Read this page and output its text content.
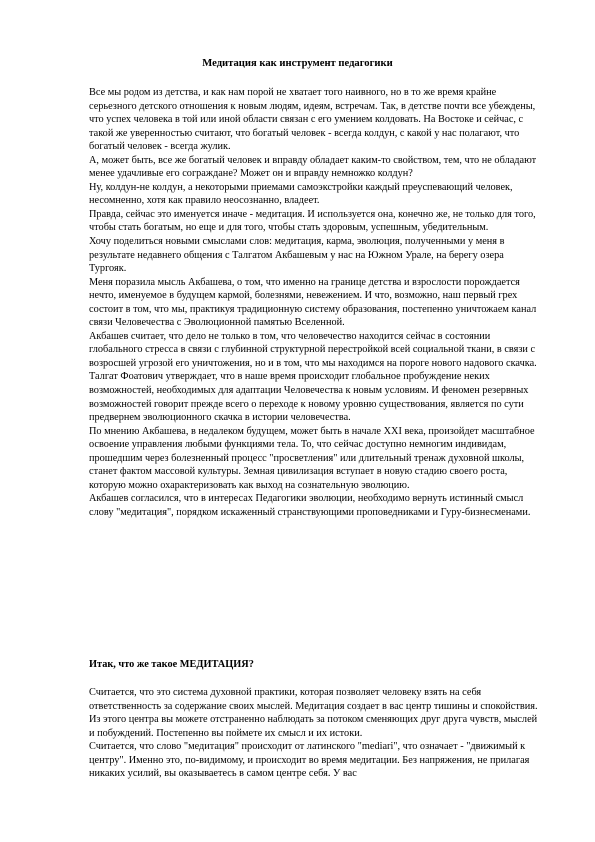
Медитация как инструмент педагогики

Все мы родом из детства, и как нам порой не хватает того наивного, но в то же время крайне серьезного детского отношения к новым людям, идеям, встречам. Так, в детстве почти все убеждены, что успех человека в той или иной области связан с его умением колдовать. На Востоке и сейчас, с такой же уверенностью считают, что богатый человек - всегда колдун, с какой у нас полагают, что богатый человек - всегда жулик.

А, может быть, все же богатый человек и вправду обладает каким-то свойством, тем, что не обладают менее удачливые его сограждане? Может он и вправду немножко колдун?

Ну, колдун-не колдун, а некоторыми приемами самоэкстройки каждый преуспевающий человек, несомненно, хотя как правило неосознанно, владеет.

Правда, сейчас это именуется иначе - медитация. И используется она, конечно же, не только для того, чтобы стать богатым, но еще и для того, чтобы стать здоровым, успешным, убедительным.

Хочу поделиться новыми смыслами слов: медитация, карма, эволюция, полученными у меня в результате недавнего общения с Талгатом Акбашевым у нас на Южном Урале, на берегу озера Тургояк.

Меня поразила мысль Акбашева, о том, что именно на границе детства и взрослости порождается нечто, именуемое в будущем кармой, болезнями, невежением. И что, возможно, наш первый грех состоит в том, что мы, практикуя традиционную систему образования, постепенно уничтожаем канал связи Человечества с Эволюционной памятью Вселенной.

Акбашев считает, что дело не только в том, что человечество находится сейчас в состоянии глобального стресса в связи с глубинной структурной перестройкой всей социальной ткани, в связи с возросшей угрозой его уничтожения, но и в том, что мы находимся на пороге нового надового скачка.

Талгат Фоатович утверждает, что в наше время происходит глобальное пробуждение неких возможностей, необходимых для адаптации Человечества к новым условиям. И феномен резервных возможностей говорит прежде всего о переходе к новому уровню существования, является по сути предвернем эволюционного скачка в истории человечества.

По мнению Акбашева, в недалеком будущем, может быть в начале XXI века, произойдет масштабное освоение управления любыми функциями тела. То, что сейчас доступно немногим индивидам, прошедшим через болезненный процесс "просветления" или длительный тренаж духовной школы, станет фактом массовой культуры. Земная цивилизация вступает в новую стадию своего роста, которую можно охарактеризовать как выход на сознательную эволюцию.

Акбашев согласился, что в интересах Педагогики эволюции, необходимо вернуть истинный смысл слову "медитация", порядком искаженный странствующими проповедниками и Гуру-бизнесменами.

Итак, что же такое МЕДИТАЦИЯ?

Считается, что это система духовной практики, которая позволяет человеку взять на себя ответственность за содержание своих мыслей. Медитация создает в вас центр тишины и спокойствия. Из этого центра вы можете отстраненно наблюдать за потоком сменяющих друг друга чувств, мыслей и побуждений. Постепенно вы поймете их смысл и их истоки.

Считается, что слово "медитация" происходит от латинского "mediari", что означает - "движимый к центру". Именно это, по-видимому, и происходит во время медитации. Без напряжения, не прилагая никаких усилий, вы оказываетесь в самом центре себя. У вас
